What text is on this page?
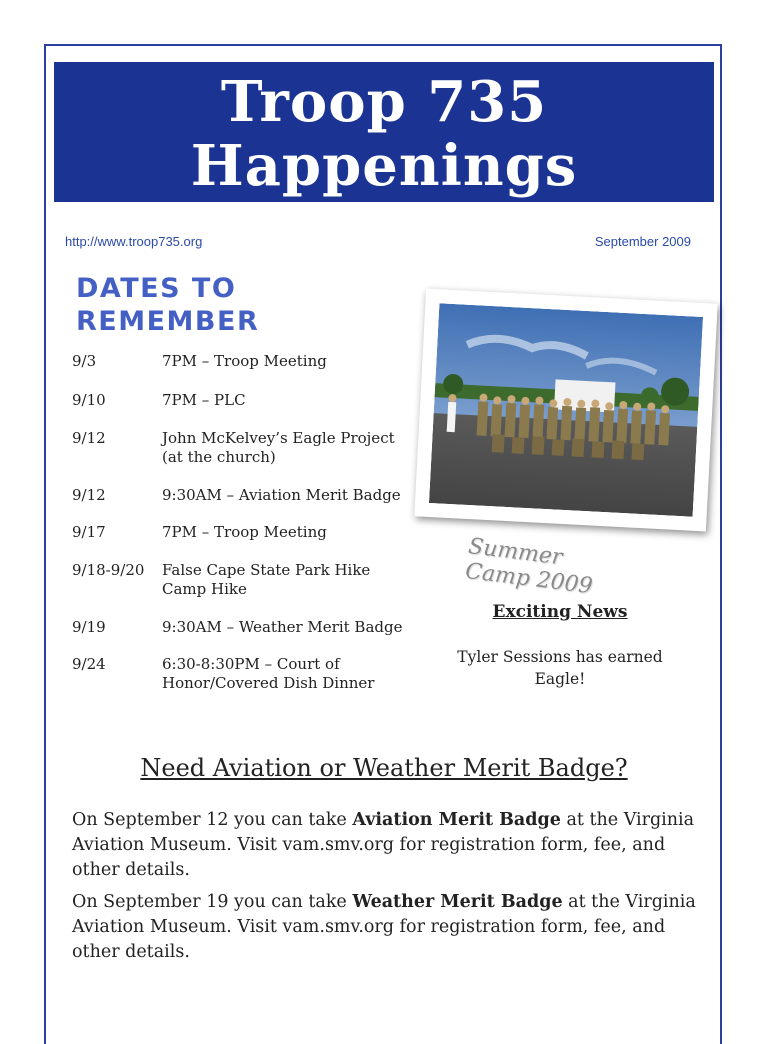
Troop 735
Happenings
http://www.troop735.org	September 2009
DATES TO REMEMBER
9/3	7PM – Troop Meeting
9/10	7PM – PLC
9/12	John McKelvey’s Eagle Project (at the church)
9/12	9:30AM – Aviation Merit Badge
9/17	7PM – Troop Meeting
9/18-9/20	False Cape State Park Hike Camp Hike
9/19	9:30AM – Weather Merit Badge
9/24	6:30-8:30PM – Court of Honor/Covered Dish Dinner
Summer Camp 2009
Exciting News
Tyler Sessions has earned Eagle!
Need Aviation or Weather Merit Badge?
On September 12 you can take Aviation Merit Badge at the Virginia Aviation Museum. Visit vam.smv.org for registration form, fee, and other details.
On September 19 you can take Weather Merit Badge at the Virginia Aviation Museum. Visit vam.smv.org for registration form, fee, and other details.
